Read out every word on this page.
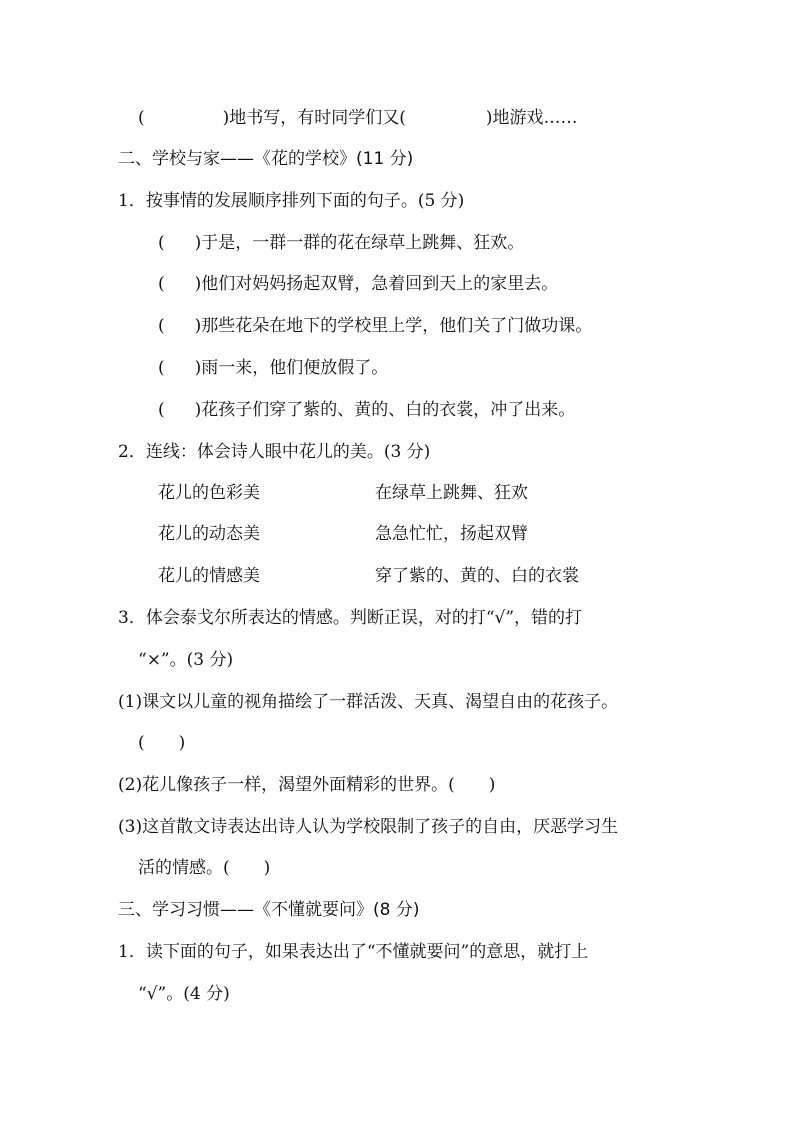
(	)地书写，有时同学们又(	)地游戏……
二、学校与家——《花的学校》(11 分)
1．按事情的发展顺序排列下面的句子。(5 分)
( )于是，一群一群的花在绿草上跳舞、狂欢。
( )他们对妈妈扬起双臂，急着回到天上的家里去。
( )那些花朵在地下的学校里上学，他们关了门做功课。
( )雨一来，他们便放假了。
( )花孩子们穿了紫的、黄的、白的衣裳，冲了出来。
2．连线：体会诗人眼中花儿的美。(3 分)
花儿的色彩美	在绿草上跳舞、狂欢
花儿的动态美	急急忙忙，扬起双臂
花儿的情感美	穿了紫的、黄的、白的衣裳
3．体会泰戈尔所表达的情感。判断正误，对的打“√”，错的打
“×”。(3 分)
(1)课文以儿童的视角描绘了一群活泼、天真、渴望自由的花孩子。
(　　)
(2)花儿像孩子一样，渴望外面精彩的世界。(　　)
(3)这首散文诗表达出诗人认为学校限制了孩子的自由，厌恶学习生
活的情感。(　　)
三、学习习惯——《不懂就要问》(8 分)
1．读下面的句子，如果表达出了“不懂就要问”的意思，就打上
“√”。(4 分)
